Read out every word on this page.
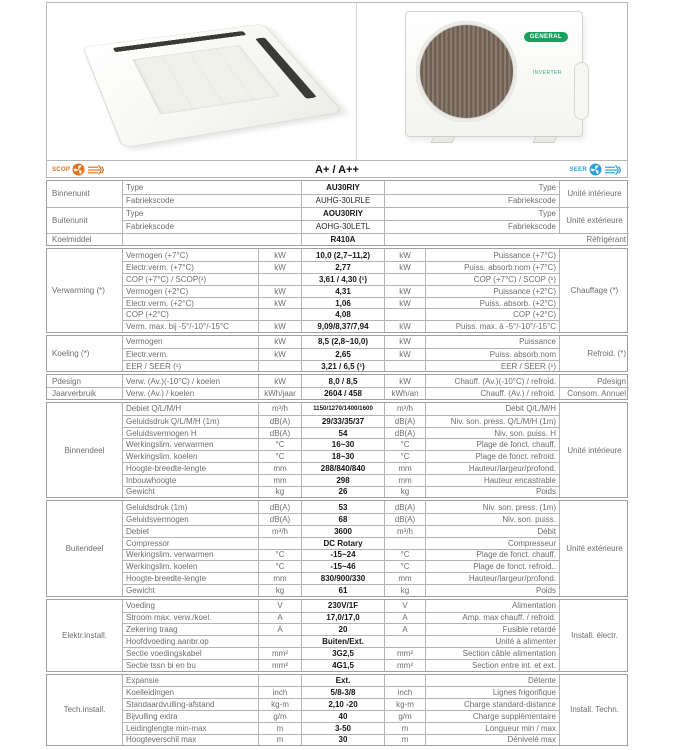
GENERAL
INVERTER
SCOP	A+ / A++	SEER
Binnenunit
Type	AU30RIY	Type
Fabriekscode	AUHG-30LRLE	Fabriekscode
Unité intérieure
Buitenunit
Type	AOU30RIY	Type
Fabriekscode	AOHG-30LETL	Fabriekscode
Unité extérieure
Koelmiddel	R410A	Réfrigérant
Verwarming (*)
Vermogen (+7°C)	kW	10,0 (2,7~11,2)	kW	Puissance (+7°C)
Electr.verm. (+7°C)	kW	2,77	kW	Puiss. absorb.nom (+7°C)
COP (+7°C) / SCOP(¹)	3,61 / 4,30 (¹)	COP (+7°C) / SCOP (¹)
Vermogen (+2°C)	kW	4,31	kW	Puissance (+2°C)
Electr.verm. (+2°C)	kW	1,06	kW	Puiss. absorb. (+2°C)
COP (+2°C)	4,08	COP (+2°C)
Verm. max. bij -5°/-10°/-15°C	kW	9,09/8,37/7,94	kW	Puiss. max. à -5°/-10°/-15°C
Chauffage (*)
Koeling (*)
Vermogen	kW	8,5 (2,8~10,0)	kW	Puissance
Electr.verm.	kW	2,65	kW	Puiss. absorb.nom
EER / SEER (¹)	3,21 / 6,5 (¹)	EER / SEER (¹)
Refroid. (*)
Pdesign	Verw. (Av.)(-10°C) / koelen	kW	8,0 / 8,5	kW	Chauff. (Av.)(-10°C) / refroid.	Pdesign
Jaarverbruik	Verw. (Av.) / koelen	kWh/jaar	2604 / 458	kWh/an	Chauff. (Av.) / refroid.	Consom. Annuel
Binnendeel
Debiet Q/L/M/H	m³/h	1150/1270/1400/1600	m³/h	Débit Q/L/M/H
Geluidsdruk Q/L/M/H (1m)	dB(A)	29/33/35/37	dB(A)	Niv. son. press. Q/L/M/H (1m)
Geluidsvermogen H	dB(A)	54	dB(A)	Niv. son. puiss. H
Werkingslim. verwarmen	°C	16~30	°C	Plage de fonct. chauff.
Werkingslim. koelen	°C	18~30	°C	Plage de fonct. refroid.
Hoogte-breedte-lengte	mm	288/840/840	mm	Hauteur/largeur/profond.
Inbouwhoogte	mm	298	mm	Hauteur encastrable
Gewicht	kg	26	kg	Poids
Unité intérieure
Buitendeel
Geluidsdruk (1m)	dB(A)	53	dB(A)	Niv. son. press. (1m)
Geluidsvermogen	dB(A)	68	dB(A)	Niv. son. puiss.
Debiet	m³/h	3600	m³/h	Débit
Compressor	DC Rotary	Compresseur
Werkingslim. verwarmen	°C	-15~24	°C	Plage de fonct. chauff.
Werkingslim. koelen	°C	-15~46	°C	Plage de fonct. refroid..
Hoogte-breedte-lengte	mm	830/900/330	mm	Hauteur/largeur/profond.
Gewicht	kg	61	kg	Poids
Unité extérieure
Elektr.install.
Voeding	V	230V/1F	V	Alimentation
Stroom max. verw./koel.	A	17,0/17,0	A	Amp. max chauff. / refroid.
Zekering traag	A	20	A	Fusible retardé
Hoofdvoeding aanbr.op	Buiten/Ext.	Unité à alimenter
Sectie voedingskabel	mm²	3G2,5	mm²	Section câble alimentation
Sectie tssn bi en bu	mm²	4G1,5	mm²	Section entre int. et ext.
Install. électr.
Tech.install.
Expansie	Ext.	Détente
Koelleidingen	inch	5/8-3/8	inch	Lignes frigorifique
Standaardvulling-afstand	kg-m	2,10 -20	kg-m	Charge standard-distance
Bijvulling extra	g/m	40	g/m	Charge supplémentaire
Leidinglengte min-max	m	3-50	m	Longueur min / max
Hoogteverschil max	m	30	m	Dénivelé max
Install. Techn.
